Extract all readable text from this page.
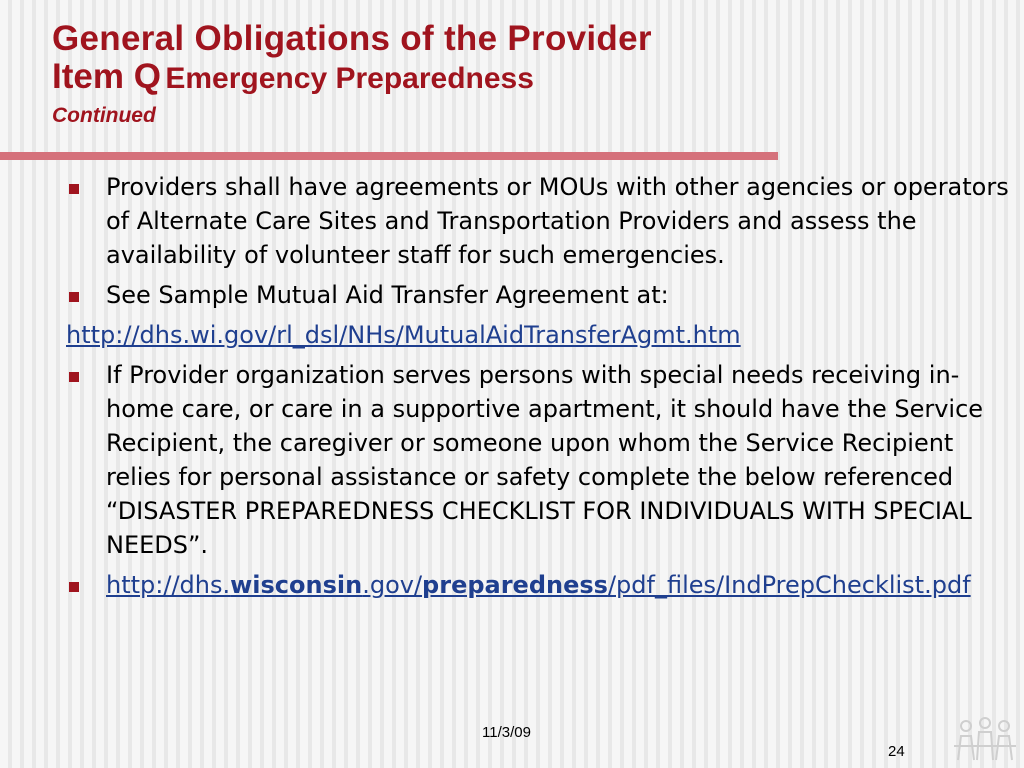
General Obligations of the Provider
Item Q Emergency Preparedness
Continued
Providers shall have agreements or MOUs with other agencies or operators of Alternate Care Sites and Transportation Providers and assess the availability of volunteer staff for such emergencies.
See Sample Mutual Aid Transfer Agreement at:
http://dhs.wi.gov/rl_dsl/NHs/MutualAidTransferAgmt.htm
If Provider organization serves persons with special needs receiving in-home care, or care in a supportive apartment, it should have the Service Recipient, the caregiver or someone upon whom the Service Recipient relies for personal assistance or safety complete the below referenced “DISASTER PREPAREDNESS CHECKLIST FOR INDIVIDUALS WITH SPECIAL NEEDS”.
http://dhs.wisconsin.gov/preparedness/pdf_files/IndPrepChecklist.pdf
11/3/09
24
